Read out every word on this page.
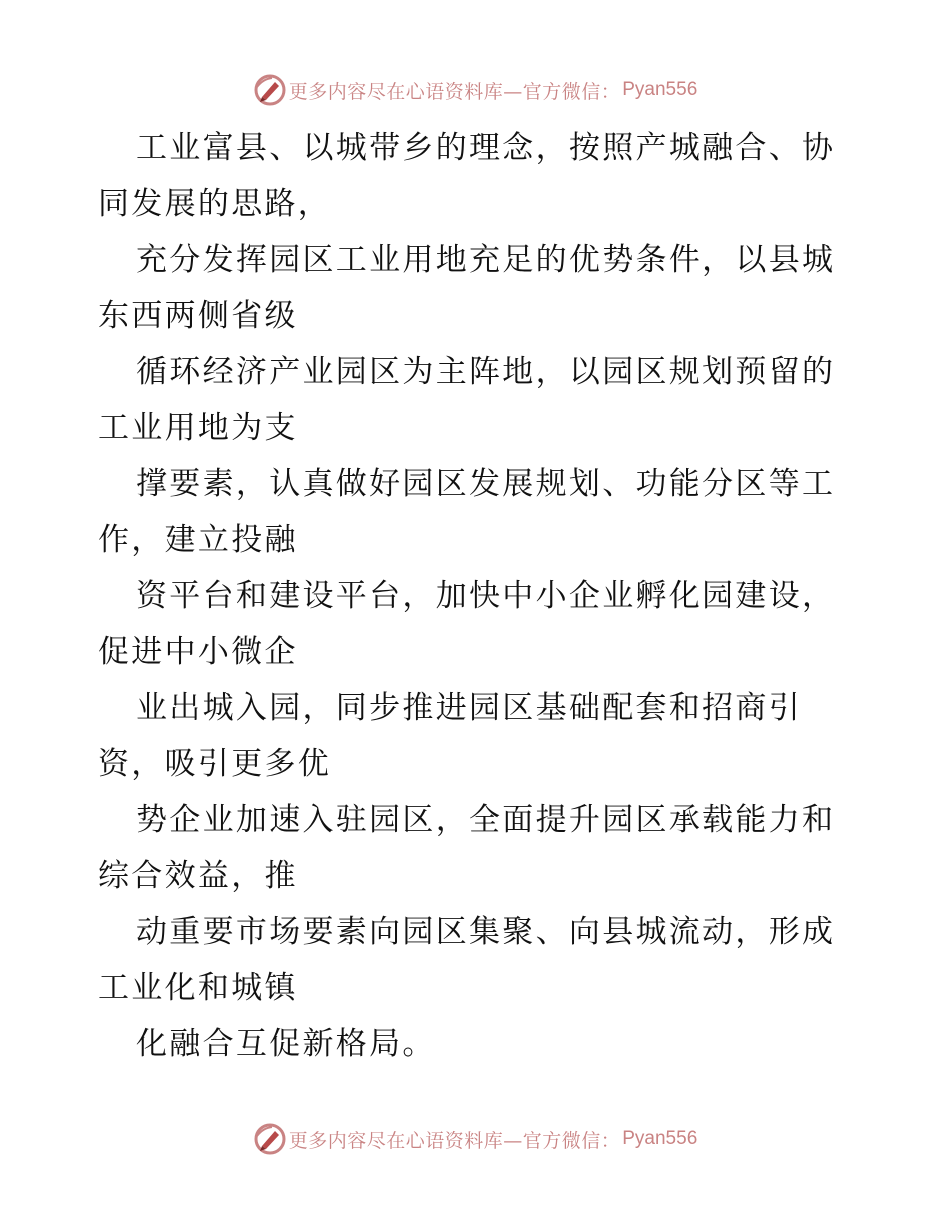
更多内容尽在心语资料库—官方微信： Pyan556

工业富县、以城带乡的理念，按照产城融合、协
同发展的思路，

充分发挥园区工业用地充足的优势条件，以县城
东西两侧省级

循环经济产业园区为主阵地，以园区规划预留的
工业用地为支

撑要素，认真做好园区发展规划、功能分区等工
作，建立投融

资平台和建设平台，加快中小企业孵化园建设，
促进中小微企

业出城入园，同步推进园区基础配套和招商引
资，吸引更多优

势企业加速入驻园区，全面提升园区承载能力和
综合效益，推

动重要市场要素向园区集聚、向县城流动，形成
工业化和城镇

化融合互促新格局。

更多内容尽在心语资料库—官方微信： Pyan556
